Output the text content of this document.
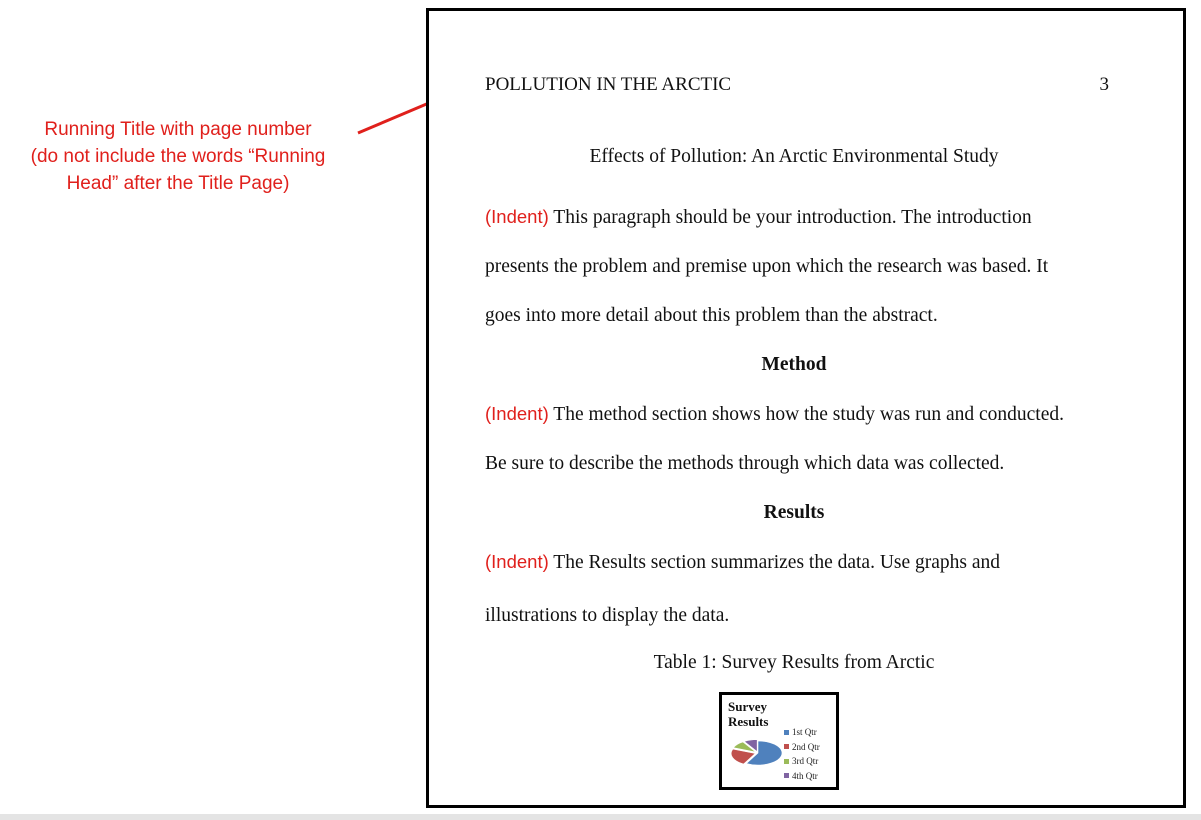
Running Title with page number
(do not include the words “Running
Head” after the Title Page)
POLLUTION IN THE ARCTIC	3
Effects of Pollution: An Arctic Environmental Study
(Indent) This paragraph should be your introduction. The introduction
presents the problem and premise upon which the research was based. It
goes into more detail about this problem than the abstract.
Method
(Indent) The method section shows how the study was run and conducted.
Be sure to describe the methods through which data was collected.
Results
(Indent) The Results section summarizes the data. Use graphs and
illustrations to display the data.
Table 1: Survey Results from Arctic
Survey
Results
1st Qtr
2nd Qtr
3rd Qtr
4th Qtr
